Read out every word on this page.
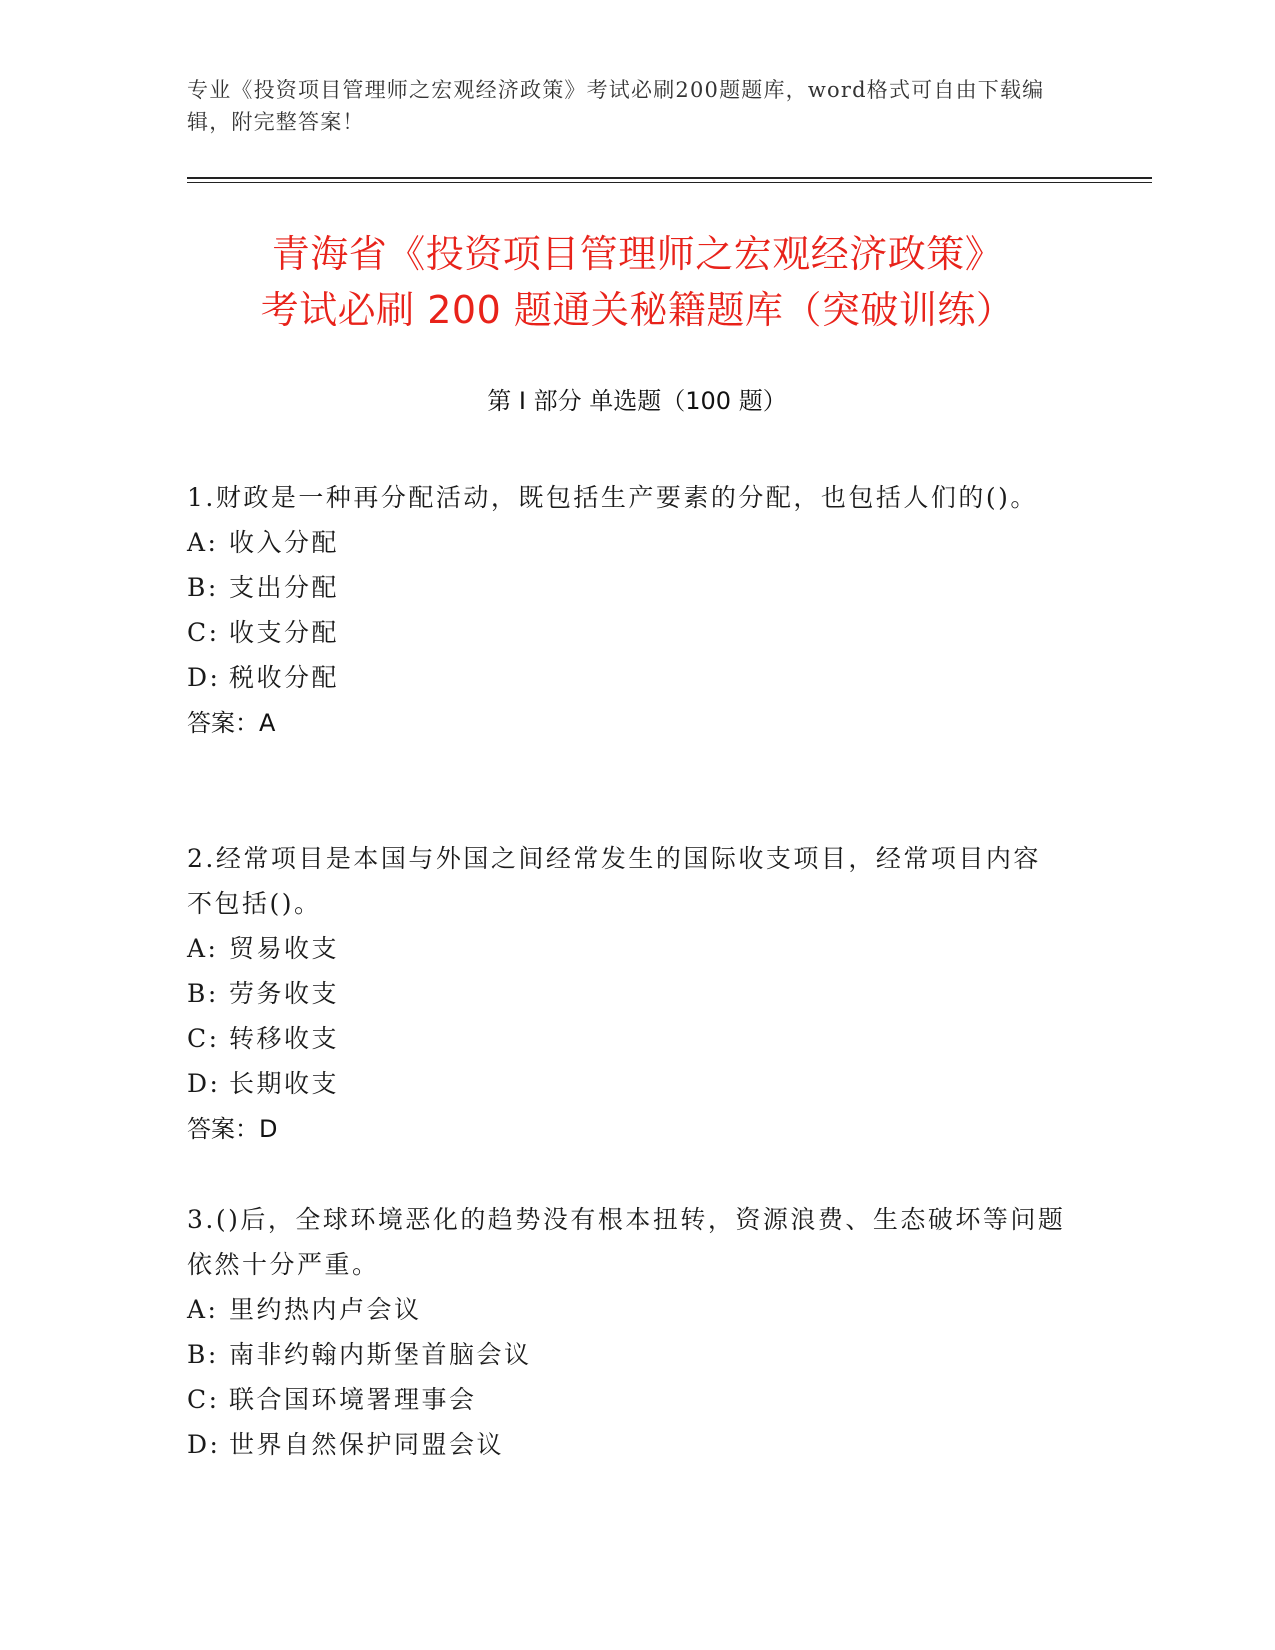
专业《投资项目管理师之宏观经济政策》考试必刷200题题库，word格式可自由下载编辑，附完整答案！
青海省《投资项目管理师之宏观经济政策》
考试必刷 200 题通关秘籍题库（突破训练）
第 I 部分 单选题（100 题）

1.财政是一种再分配活动，既包括生产要素的分配，也包括人们的()。

A: 收入分配

B: 支出分配

C: 收支分配

D: 税收分配

答案：A

2.经常项目是本国与外国之间经常发生的国际收支项目，经常项目内容不包括()。

A: 贸易收支

B: 劳务收支

C: 转移收支

D: 长期收支

答案：D

3.()后，全球环境恶化的趋势没有根本扭转，资源浪费、生态破坏等问题依然十分严重。

A: 里约热内卢会议

B: 南非约翰内斯堡首脑会议

C: 联合国环境署理事会

D: 世界自然保护同盟会议
